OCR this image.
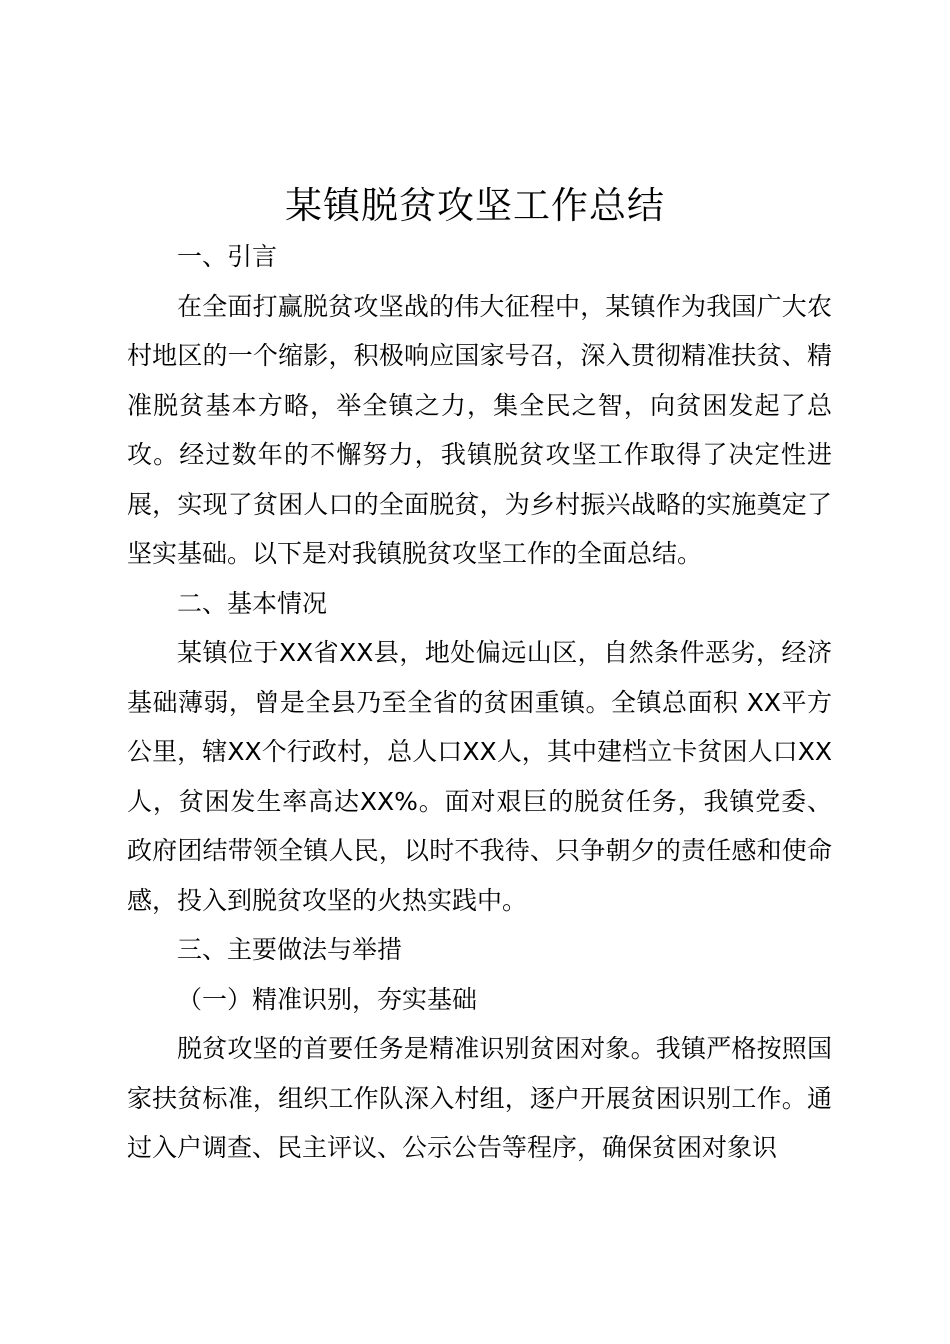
某镇脱贫攻坚工作总结

一、引言

在全面打赢脱贫攻坚战的伟大征程中，某镇作为我国广大农村地区的一个缩影，积极响应国家号召，深入贯彻精准扶贫、精准脱贫基本方略，举全镇之力，集全民之智，向贫困发起了总攻。经过数年的不懈努力，我镇脱贫攻坚工作取得了决定性进展，实现了贫困人口的全面脱贫，为乡村振兴战略的实施奠定了坚实基础。以下是对我镇脱贫攻坚工作的全面总结。

二、基本情况

某镇位于XX省XX县，地处偏远山区，自然条件恶劣，经济基础薄弱，曾是全县乃至全省的贫困重镇。全镇总面积 XX平方公里，辖XX个行政村，总人口XX人，其中建档立卡贫困人口XX人，贫困发生率高达XX%。面对艰巨的脱贫任务，我镇党委、政府团结带领全镇人民，以时不我待、只争朝夕的责任感和使命感，投入到脱贫攻坚的火热实践中。

三、主要做法与举措

（一）精准识别，夯实基础

脱贫攻坚的首要任务是精准识别贫困对象。我镇严格按照国家扶贫标准，组织工作队深入村组，逐户开展贫困识别工作。通过入户调查、民主评议、公示公告等程序，确保贫困对象识
